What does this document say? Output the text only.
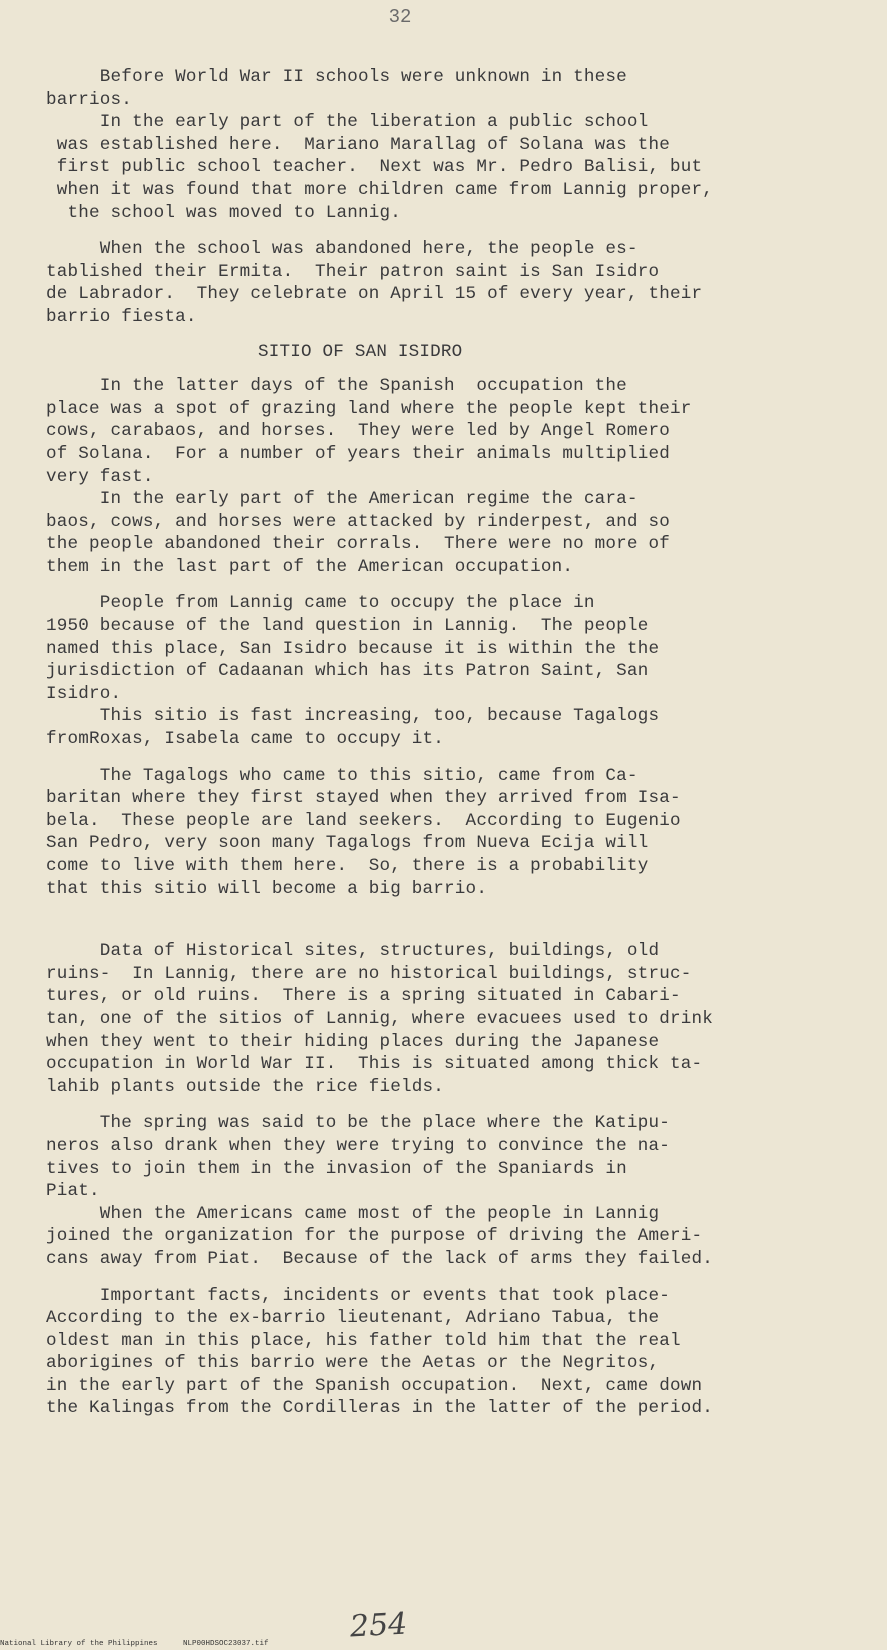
32
Before World War II schools were unknown in these
barrios.
In the early part of the liberation a public school
was established here.  Mariano Marallag of Solana was the
first public school teacher.  Next was Mr. Pedro Balisi, but
when it was found that more children came from Lannig proper,
the school was moved to Lannig.
When the school was abandoned here, the people es-
tablished their Ermita.  Their patron saint is San Isidro
de Labrador.  They celebrate on April 15 of every year, their
barrio fiesta.
SITIO OF SAN ISIDRO
In the latter days of the Spanish  occupation the
place was a spot of grazing land where the people kept their
cows, carabaos, and horses.  They were led by Angel Romero
of Solana.  For a number of years their animals multiplied
very fast.
In the early part of the American regime the cara-
baos, cows, and horses were attacked by rinderpest, and so
the people abandoned their corrals.  There were no more of
them in the last part of the American occupation.
People from Lannig came to occupy the place in
1950 because of the land question in Lannig.  The people
named this place, San Isidro because it is within the the
jurisdiction of Cadaanan which has its Patron Saint, San
Isidro.
This sitio is fast increasing, too, because Tagalogs
fromRoxas, Isabela came to occupy it.
The Tagalogs who came to this sitio, came from Ca-
baritan where they first stayed when they arrived from Isa-
bela.  These people are land seekers.  According to Eugenio
San Pedro, very soon many Tagalogs from Nueva Ecija will
come to live with them here.  So, there is a probability
that this sitio will become a big barrio.
Data of Historical sites, structures, buildings, old
ruins-  In Lannig, there are no historical buildings, struc-
tures, or old ruins.  There is a spring situated in Cabari-
tan, one of the sitios of Lannig, where evacuees used to drink
when they went to their hiding places during the Japanese
occupation in World War II.  This is situated among thick ta-
lahib plants outside the rice fields.
The spring was said to be the place where the Katipu-
neros also drank when they were trying to convince the na-
tives to join them in the invasion of the Spaniards in
Piat.
When the Americans came most of the people in Lannig
joined the organization for the purpose of driving the Ameri-
cans away from Piat.  Because of the lack of arms they failed.
Important facts, incidents or events that took place-
According to the ex-barrio lieutenant, Adriano Tabua, the
oldest man in this place, his father told him that the real
aborigines of this barrio were the Aetas or the Negritos,
in the early part of the Spanish occupation.  Next, came down
the Kalingas from the Cordilleras in the latter of the period.
National Library of the Philippines	NLP00HDSOC23037.tif	254
